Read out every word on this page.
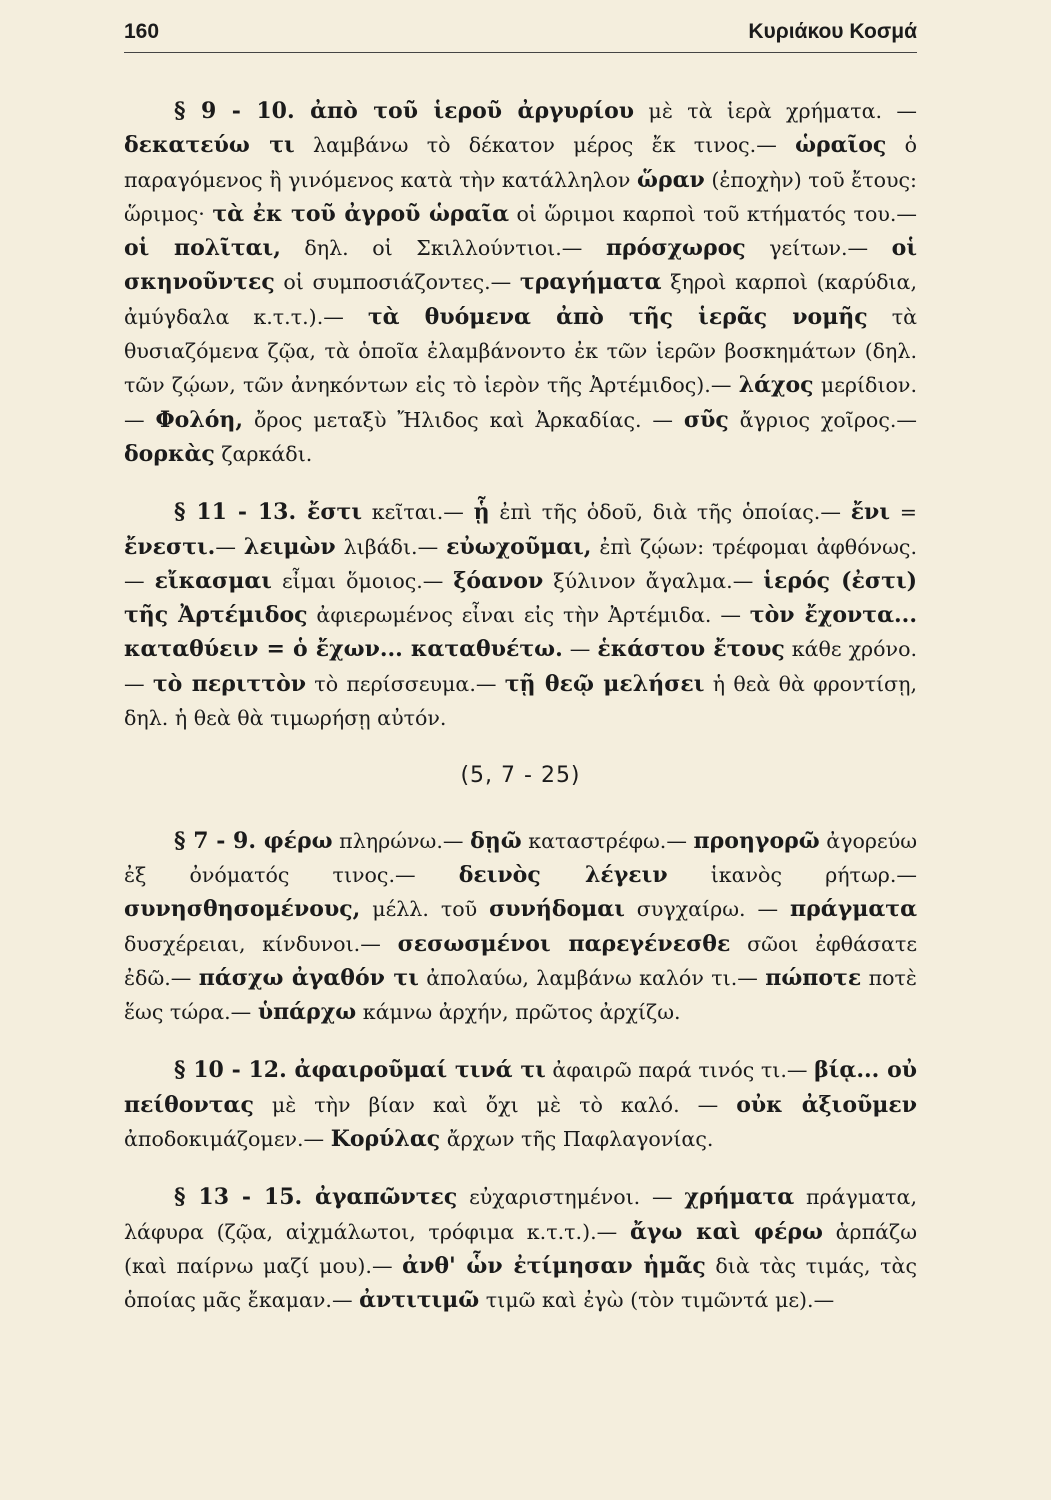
160	Κυριάκου Κοσμά

§ 9 - 10. ἀπὸ τοῦ ἱεροῦ ἀργυρίου μὲ τὰ ἱερὰ χρήματα. — δεκατεύω τι λαμβάνω τὸ δέκατον μέρος ἔκ τινος.— ὡραῖος ὁ παραγόμενος ἢ γινόμενος κατὰ τὴν κατάλληλον ὥραν (ἐποχὴν) τοῦ ἔτους: ὥριμος· τὰ ἐκ τοῦ ἀγροῦ ὡραῖα οἱ ὥριμοι καρποὶ τοῦ κτήματός του.— οἱ πολῖται, δηλ. οἱ Σκιλλούντιοι.— πρόσχωρος γείτων.— οἱ σκηνοῦντες οἱ συμποσιάζοντες.— τραγήματα ξηροὶ καρποὶ (καρύδια, ἀμύγδαλα κ.τ.τ.).— τὰ θυόμενα ἀπὸ τῆς ἱερᾶς νομῆς τὰ θυσιαζόμενα ζῷα, τὰ ὁποῖα ἐλαμβάνοντο ἐκ τῶν ἱερῶν βοσκημάτων (δηλ. τῶν ζῴων, τῶν ἀνηκόντων εἰς τὸ ἱερὸν τῆς Ἀρτέμιδος).— λάχος μερίδιον.— Φολόη, ὄρος μεταξὺ Ἤλιδος καὶ Ἀρκαδίας. — σῦς ἄγριος χοῖρος.— δορκὰς ζαρκάδι.

§ 11 - 13. ἔστι κεῖται.— ᾗ ἐπὶ τῆς ὁδοῦ, διὰ τῆς ὁποίας.— ἔνι = ἔνεστι.— λειμὼν λιβάδι.— εὐωχοῦμαι, ἐπὶ ζῴων: τρέφομαι ἀφθόνως.— εἴκασμαι εἶμαι ὅμοιος.— ξόανον ξύλινον ἄγαλμα.— ἱερός (ἐστι) τῆς Ἀρτέμιδος ἀφιερωμένος εἶναι εἰς τὴν Ἀρτέμιδα. — τὸν ἔχοντα... καταθύειν = ὁ ἔχων... καταθυέτω. — ἑκάστου ἔτους κάθε χρόνο.— τὸ περιττὸν τὸ περίσσευμα.— τῇ θεῷ μελήσει ἡ θεὰ θὰ φροντίσῃ, δηλ. ἡ θεὰ θὰ τιμωρήσῃ αὐτόν.

(5, 7 - 25)

§ 7 - 9. φέρω πληρώνω.— δῃῶ καταστρέφω.— προηγορῶ ἀγορεύω ἐξ ὀνόματός τινος.— δεινὸς λέγειν ἱκανὸς ρήτωρ.— συνησθησομένους, μέλλ. τοῦ συνήδομαι συγχαίρω. — πράγματα δυσχέρειαι, κίνδυνοι.— σεσωσμένοι παρεγένεσθε σῶοι ἐφθάσατε ἐδῶ.— πάσχω ἀγαθόν τι ἀπολαύω, λαμβάνω καλόν τι.— πώποτε ποτὲ ἕως τώρα.— ὑπάρχω κάμνω ἀρχήν, πρῶτος ἀρχίζω.

§ 10 - 12. ἀφαιροῦμαί τινά τι ἀφαιρῶ παρά τινός τι.— βίᾳ... οὐ πείθοντας μὲ τὴν βίαν καὶ ὄχι μὲ τὸ καλό. — οὐκ ἀξιοῦμεν ἀποδοκιμάζομεν.— Κορύλας ἄρχων τῆς Παφλαγονίας.

§ 13 - 15. ἀγαπῶντες εὐχαριστημένοι. — χρήματα πράγματα, λάφυρα (ζῷα, αἰχμάλωτοι, τρόφιμα κ.τ.τ.).— ἄγω καὶ φέρω ἁρπάζω (καὶ παίρνω μαζί μου).— ἀνθ' ὧν ἐτίμησαν ἡμᾶς διὰ τὰς τιμάς, τὰς ὁποίας μᾶς ἔκαμαν.— ἀντιτιμῶ τιμῶ καὶ ἐγὼ (τὸν τιμῶντά με).—
